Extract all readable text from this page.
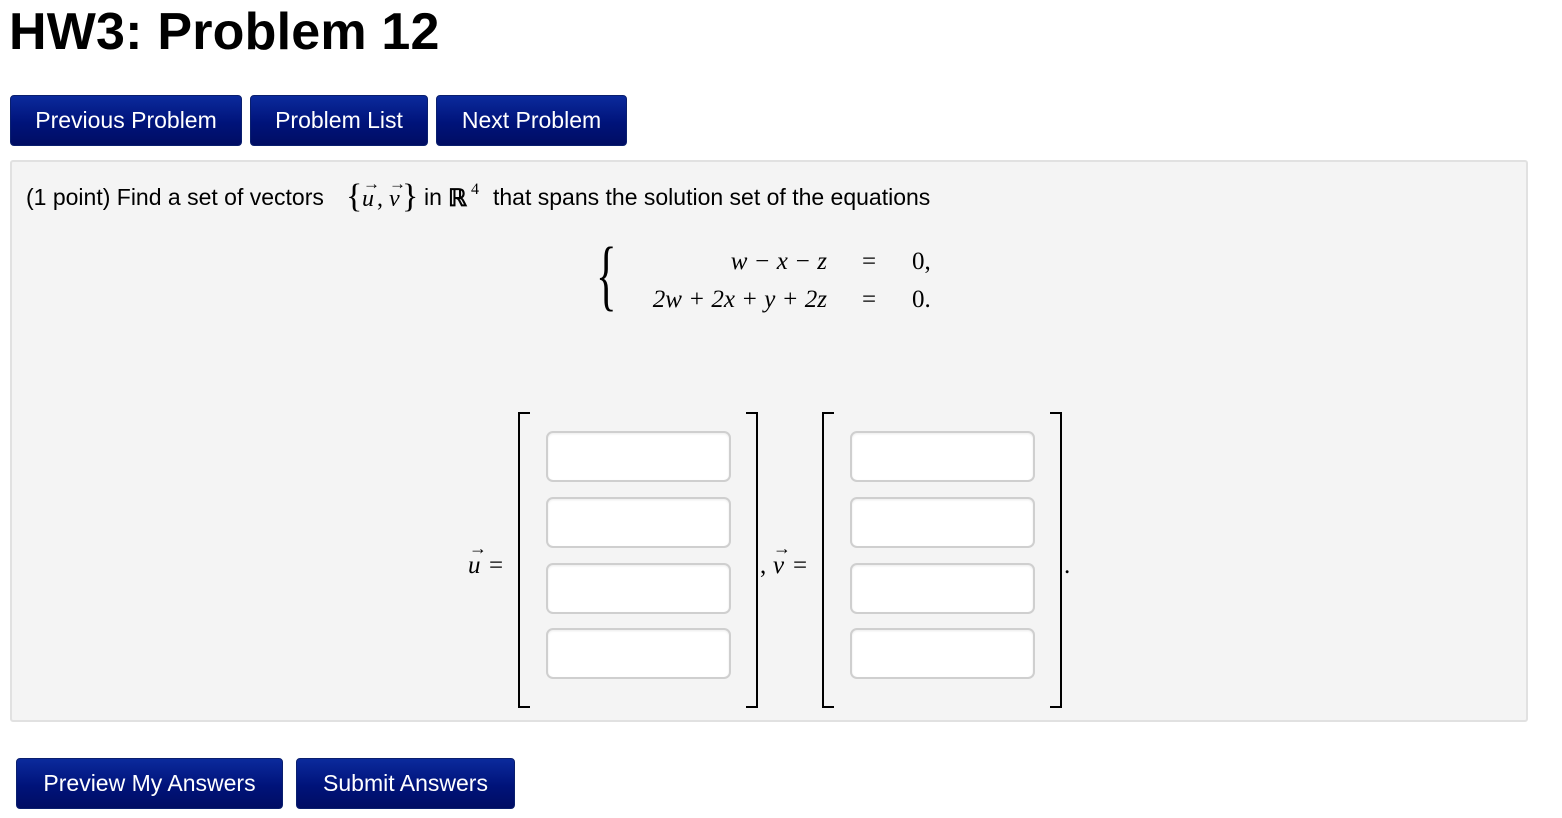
HW3: Problem 12
Previous Problem	Problem List	Next Problem
(1 point) Find a set of vectors { →
u ,
→
v } in ℝ 4 that spans the solution set of the equations
{	w − x − z = 0,
2w + 2x + y + 2z = 0.
→
u =	,
→
v =	.
Preview My Answers	Submit Answers
